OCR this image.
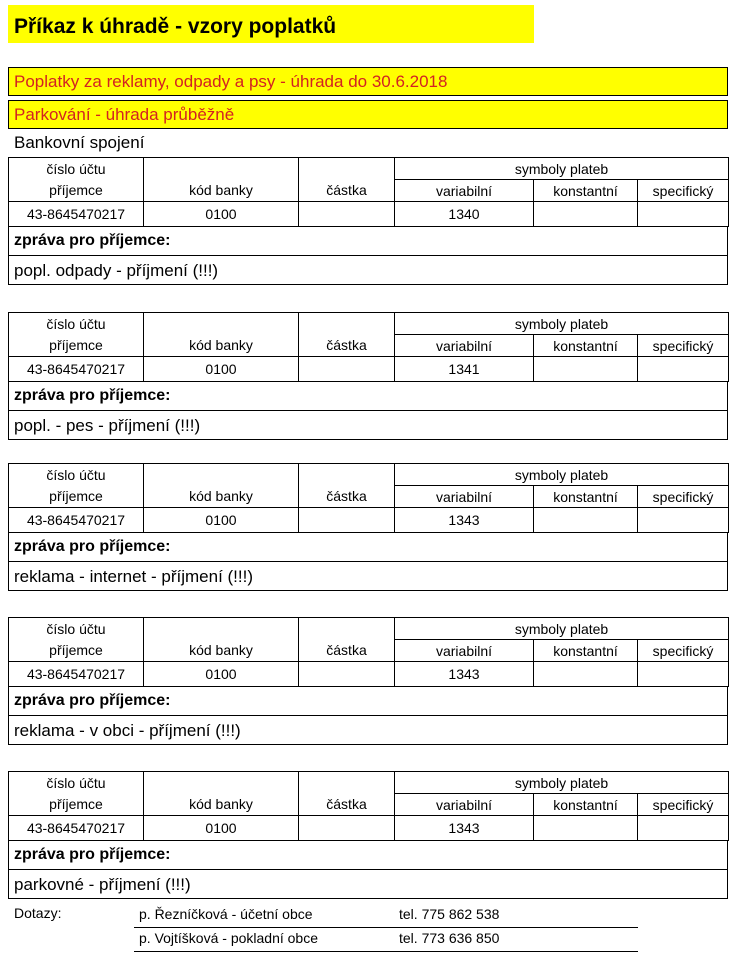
Příkaz k úhradě - vzory poplatků
Poplatky za reklamy, odpady a psy - úhrada do 30.6.2018
Parkování - úhrada průběžně
Bankovní spojení
číslo účtu			symboly plateb		
příjemce	kód banky	částka	variabilní	konstantní	specifický
43-8645470217	0100		1340		
zpráva pro příjemce:
popl. odpady - příjmení (!!!)
číslo účtu			symboly plateb		
příjemce	kód banky	částka	variabilní	konstantní	specifický
43-8645470217	0100		1341		
zpráva pro příjemce:
popl. - pes - příjmení (!!!)
číslo účtu			symboly plateb		
příjemce	kód banky	částka	variabilní	konstantní	specifický
43-8645470217	0100		1343		
zpráva pro příjemce:
reklama - internet - příjmení (!!!)
číslo účtu			symboly plateb		
příjemce	kód banky	částka	variabilní	konstantní	specifický
43-8645470217	0100		1343		
zpráva pro příjemce:
reklama - v obci - příjmení (!!!)
číslo účtu			symboly plateb		
příjemce	kód banky	částka	variabilní	konstantní	specifický
43-8645470217	0100		1343		
zpráva pro příjemce:
parkovné - příjmení (!!!)
Dotazy:	p. Řezníčková - účetní obce	tel. 775 862 538
p. Vojtíšková - pokladní obce	tel. 773 636 850
